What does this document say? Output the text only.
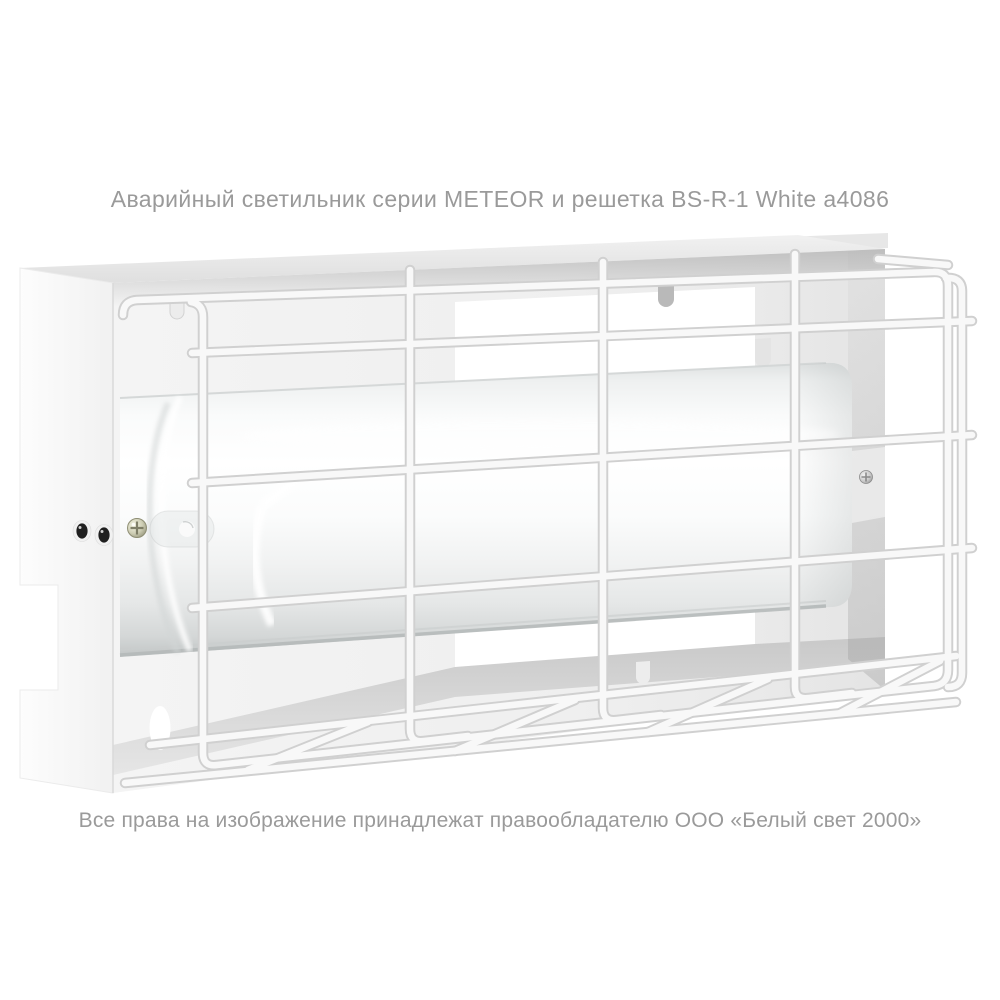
Аварийный светильник серии METEOR и решетка BS-R-1 White a4086
Все права на изображение принадлежат правообладателю ООО «Белый свет 2000»
